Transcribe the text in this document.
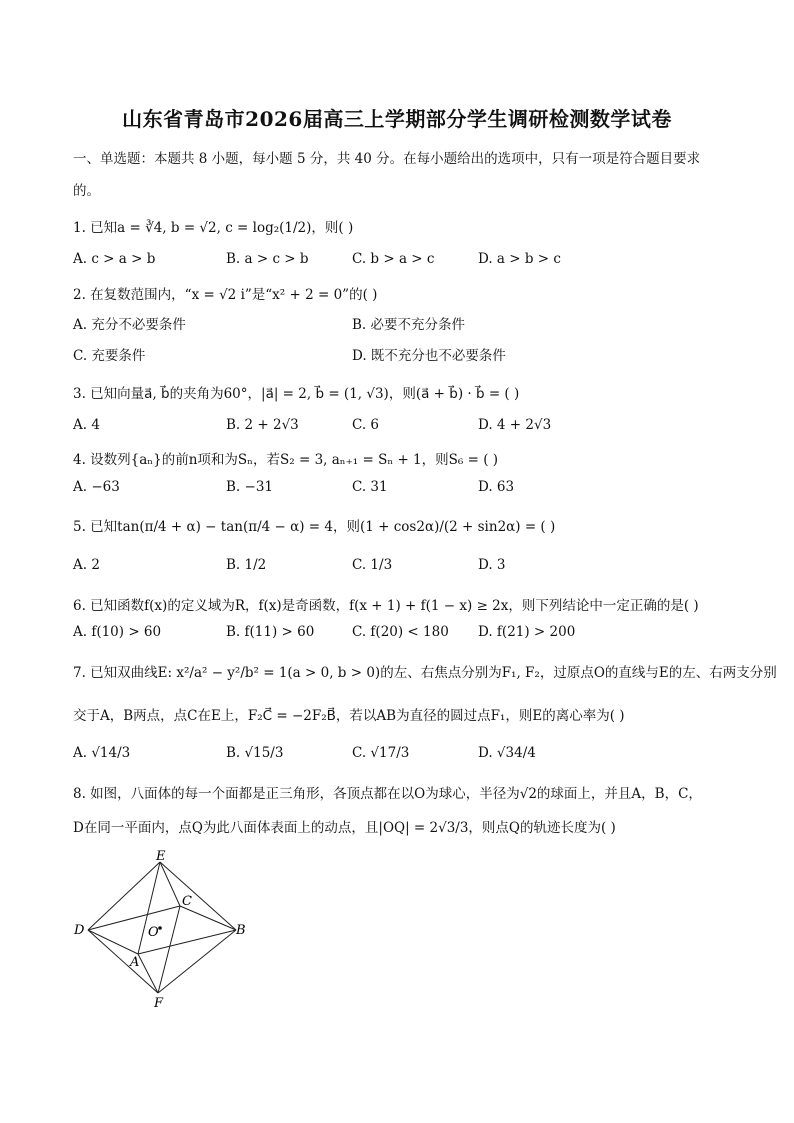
山东省青岛市2026届高三上学期部分学生调研检测数学试卷
一、单选题：本题共 8 小题，每小题 5 分，共 40 分。在每小题给出的选项中，只有一项是符合题目要求
的。
1. 已知a = ∛4, b = √2, c = log₂(1/2)，则( )
A. c > a > b	B. a > c > b	C. b > a > c	D. a > b > c
2. 在复数范围内，“x = √2 i”是“x² + 2 = 0”的( )
A. 充分不必要条件	B. 必要不充分条件
C. 充要条件	D. 既不充分也不必要条件
3. 已知向量a⃗, b⃗的夹角为60°，|a⃗| = 2, b⃗ = (1, √3)，则(a⃗ + b⃗) · b⃗ = ( )
A. 4	B. 2 + 2√3	C. 6	D. 4 + 2√3
4. 设数列{aₙ}的前n项和为Sₙ，若S₂ = 3, aₙ₊₁ = Sₙ + 1，则S₆ = ( )
A. −63	B. −31	C. 31	D. 63
5. 已知tan(π/4 + α) − tan(π/4 − α) = 4，则(1 + cos2α)/(2 + sin2α) = ( )
A. 2	B. 1/2	C. 1/3	D. 3
6. 已知函数f(x)的定义域为R，f(x)是奇函数，f(x + 1) + f(1 − x) ≥ 2x，则下列结论中一定正确的是( )
A. f(10) > 60	B. f(11) > 60	C. f(20) < 180 D. f(21) > 200
7. 已知双曲线E: x²/a² − y²/b² = 1(a > 0, b > 0)的左、右焦点分别为F₁, F₂，过原点O的直线与E的左、右两支分别
交于A，B两点，点C在E上，F₂C⃗ = −2F₂B⃗，若以AB为直径的圆过点F₁，则E的离心率为( )
A. √14/3	B. √15/3	C. √17/3	D. √34/4
8. 如图，八面体的每一个面都是正三角形，各顶点都在以O为球心，半径为√2的球面上，并且A，B，C，
D在同一平面内，点Q为此八面体表面上的动点，且|OQ| = 2√3/3，则点Q的轨迹长度为( )
E
C
D	O	B
A
F
